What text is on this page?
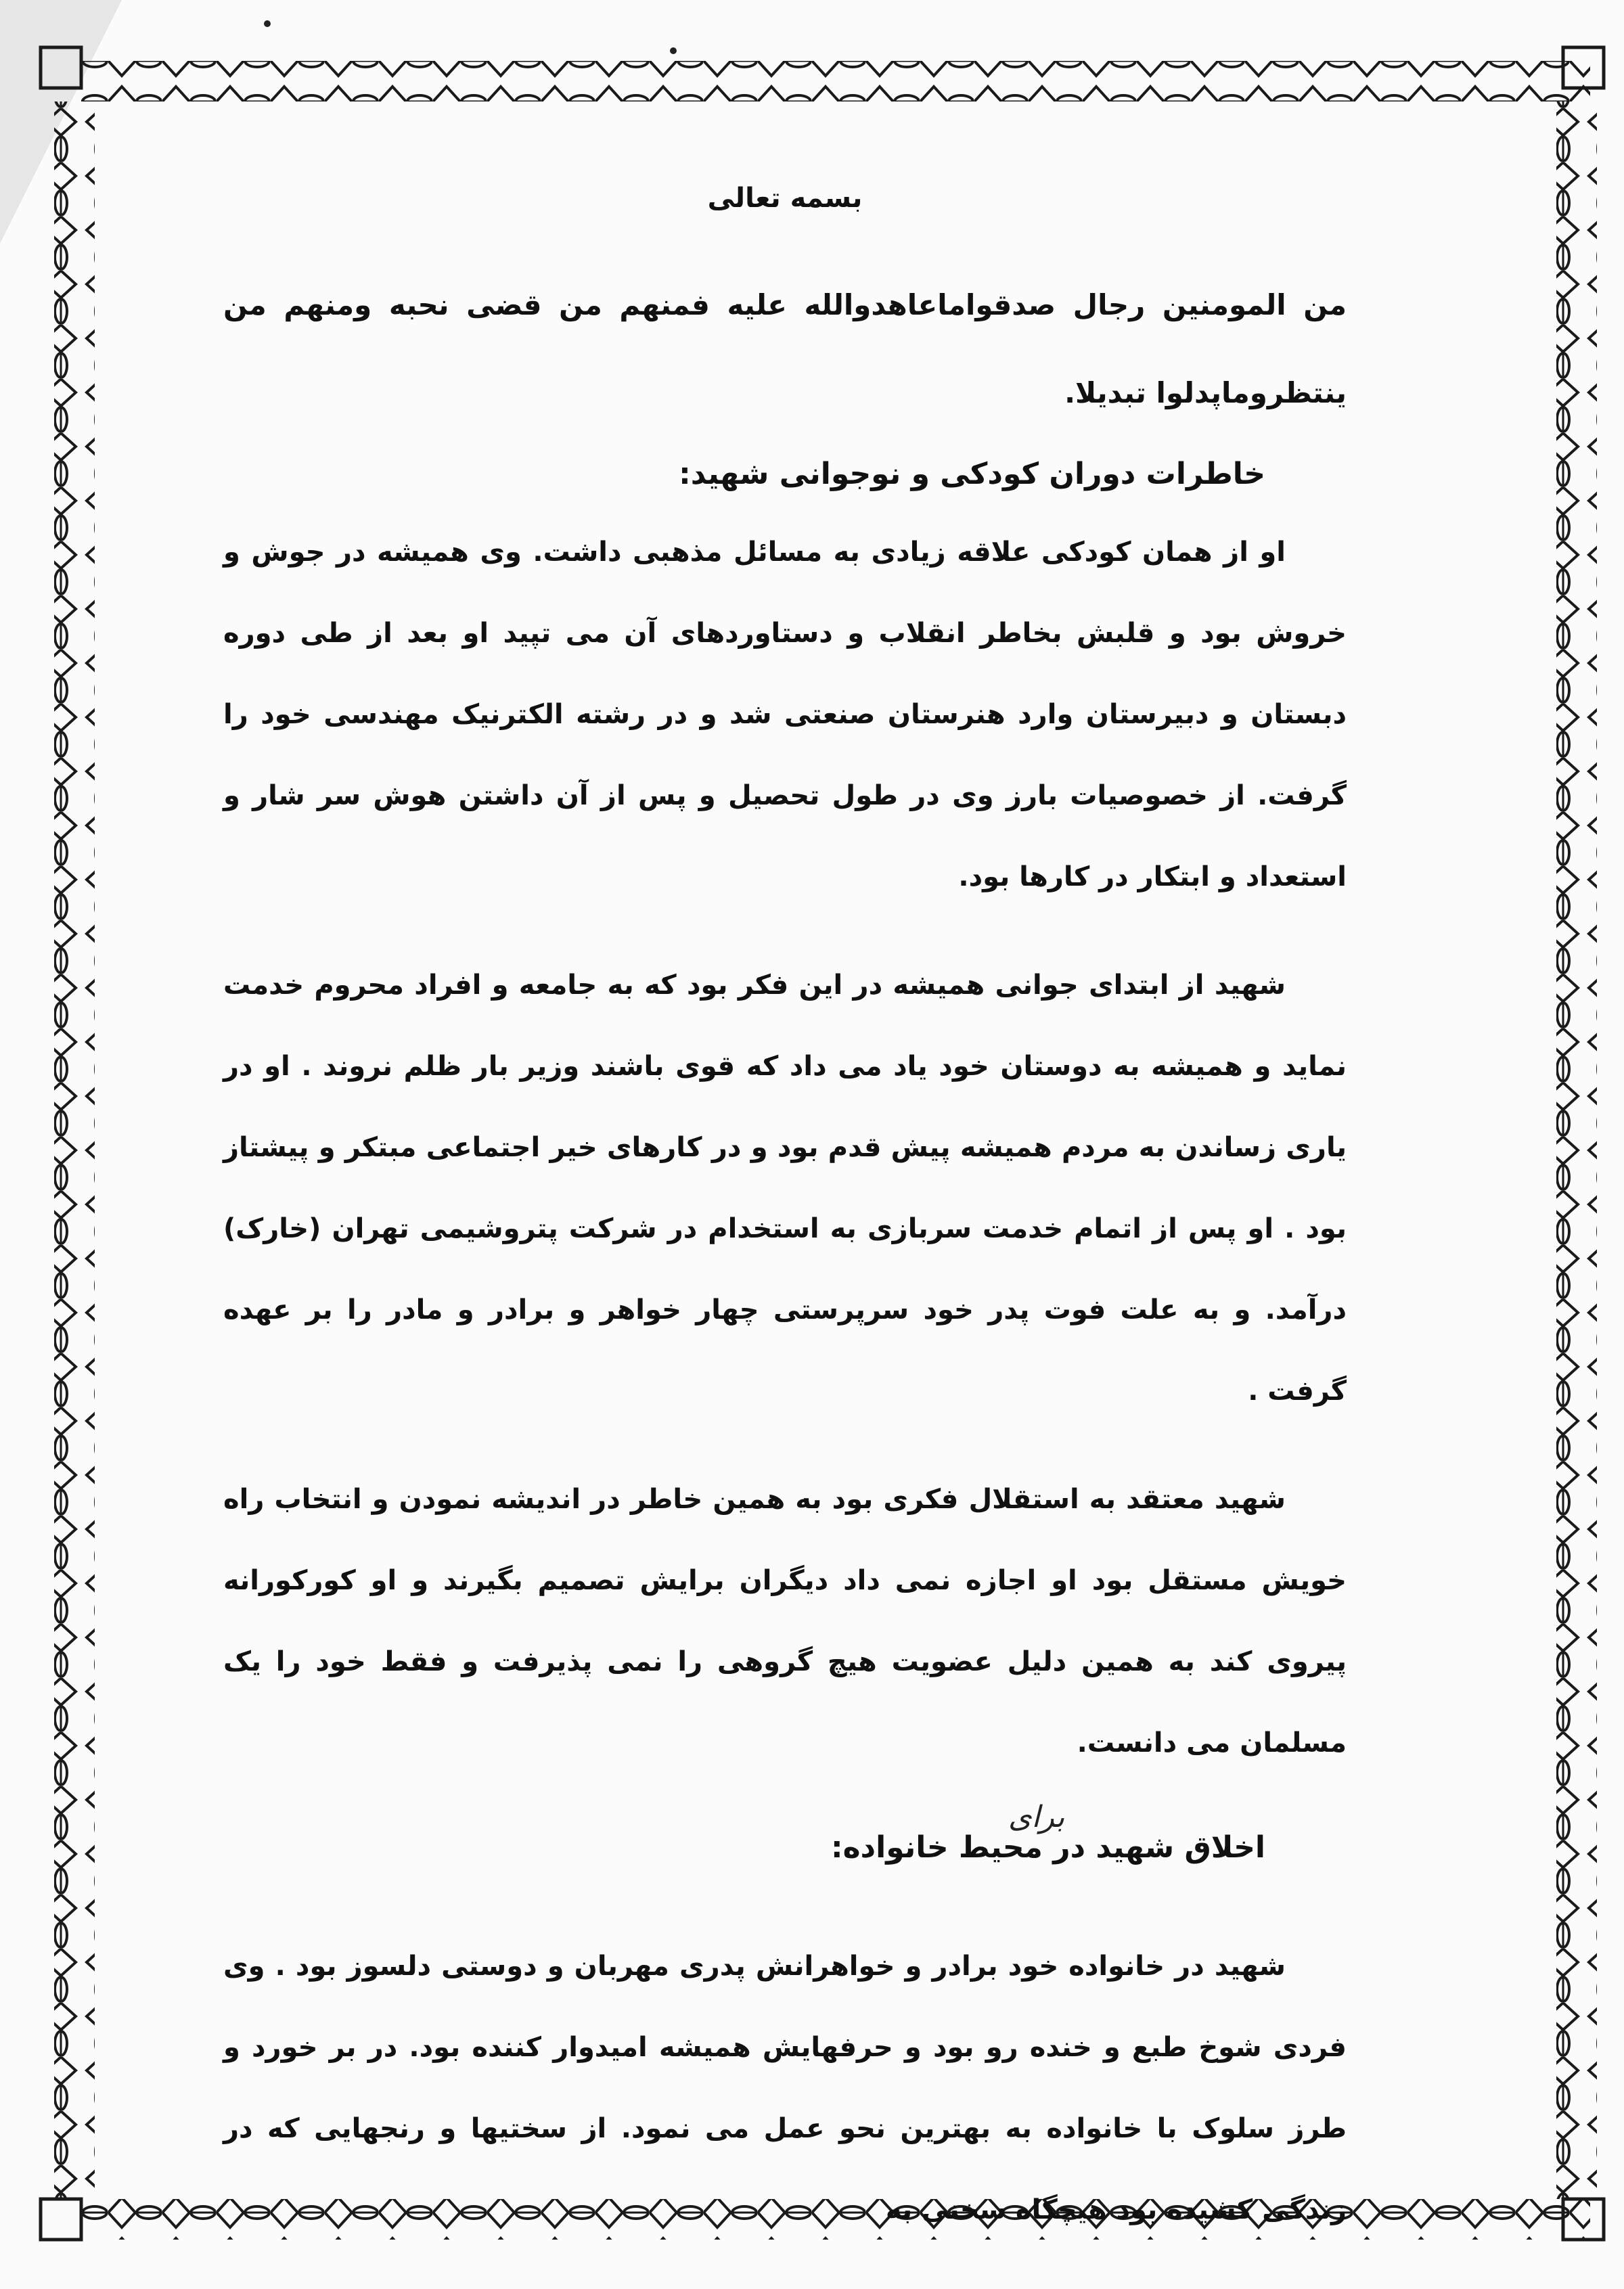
بسمه تعالی

من المومنين رجال صدقواماعاهدوالله عليه فمنهم من قضى نحبه ومنهم من ينتظروماپدلوا تبديلا.

خاطرات دوران کودکی و نوجوانی شهید:

او از همان کودکی علاقه زیادی به مسائل مذهبی داشت. وی همیشه در جوش و خروش بود و قلبش بخاطر انقلاب و دستاوردهای آن می تپید او بعد از طی دوره دبستان و دبیرستان وارد هنرستان صنعتی شد و در رشته الکترنیک مهندسی خود را گرفت. از خصوصیات بارز وی در طول تحصیل و پس از آن داشتن هوش سر شار و استعداد و ابتکار در کارها بود.

شهید از ابتدای جوانی همیشه در این فکر بود که به جامعه و افراد محروم خدمت نماید و همیشه به دوستان خود یاد می داد که قوی باشند وزیر بار ظلم نروند . او در یاری زساندن به مردم همیشه پیش قدم بود و در کارهای خیر اجتماعی مبتکر و پیشتاز بود . او پس از اتمام خدمت سربازی به استخدام در شرکت پتروشیمی تهران (خارک) درآمد. و به علت فوت پدر خود سرپرستی چهار خواهر و برادر و مادر را بر عهده گرفت .

شهید معتقد به استقلال فکری بود به همین خاطر در اندیشه نمودن و انتخاب راه خویش مستقل بود او اجازه نمی داد دیگران برایش تصمیم بگیرند و او کورکورانه پیروی کند به همین دلیل عضویت هیچ گروهی را نمی پذیرفت و فقط خود را یک مسلمان می دانست.

اخلاق شهید در محیط خانواده:

شهید در خانواده خود برادر و خواهرانش پدری مهربان و دوستی دلسوز بود . وی فردی شوخ طبع و خنده رو بود و حرفهایش همیشه امیدوار کننده بود. در بر خورد و طرز سلوک با خانواده به بهترین نحو عمل می نمود. از سختیها و رنجهایی که در زندگی کشیده بود هیچگاه سخنی به

برای
